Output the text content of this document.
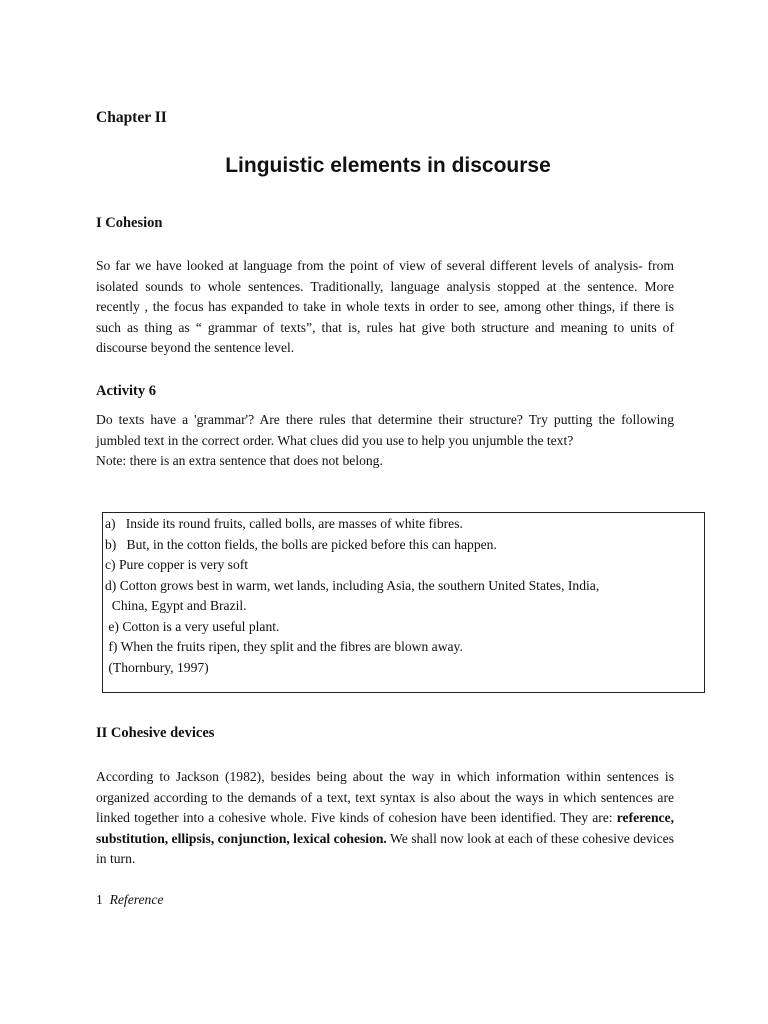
Chapter II
Linguistic elements in discourse
I Cohesion

So far we have looked at language from the point of view of several different levels of analysis- from isolated sounds to whole sentences. Traditionally, language analysis stopped at the sentence. More recently , the focus has expanded to take in whole texts in order to see, among other things, if there is such as thing as “ grammar of texts”, that is, rules hat give both structure and meaning to units of discourse beyond the sentence level.

Activity 6

Do texts have a 'grammar'? Are there rules that determine their structure? Try putting the following jumbled text in the correct order. What clues did you use to help you unjumble the text?

Note: there is an extra sentence that does not belong.

a)   Inside its round fruits, called bolls, are masses of white fibres.
b)   But, in the cotton fields, the bolls are picked before this can happen.
c) Pure copper is very soft
d) Cotton grows best in warm, wet lands, including Asia, the southern United States, India,
China, Egypt and Brazil.
e) Cotton is a very useful plant.
f) When the fruits ripen, they split and the fibres are blown away.
(Thornbury, 1997)
II Cohesive devices

According to Jackson (1982), besides being about the way in which information within sentences is organized according to the demands of a text, text syntax is also about the ways in which sentences are linked together into a cohesive whole. Five kinds of cohesion have been identified. They are: reference, substitution, ellipsis, conjunction, lexical cohesion. We shall now look at each of these cohesive devices in turn.

1 Reference
